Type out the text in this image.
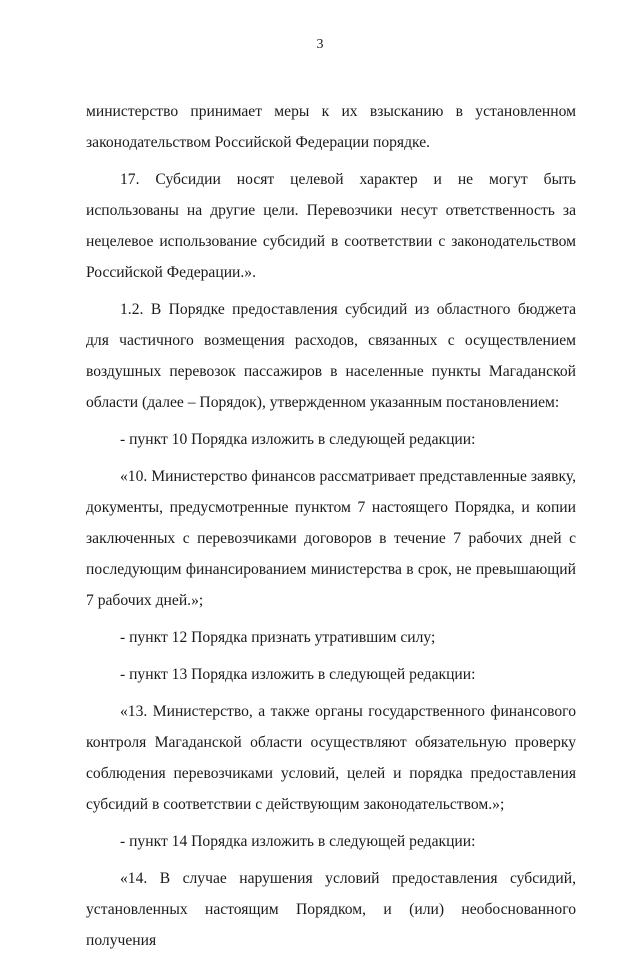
3

министерство принимает меры к их взысканию в установленном законодательством Российской Федерации порядке.

17. Субсидии носят целевой характер и не могут быть использованы на другие цели. Перевозчики несут ответственность за нецелевое использование субсидий в соответствии с законодательством Российской Федерации.».

1.2. В Порядке предоставления субсидий из областного бюджета для частичного возмещения расходов, связанных с осуществлением воздушных перевозок пассажиров в населенные пункты Магаданской области (далее – Порядок), утвержденном указанным постановлением:

- пункт 10 Порядка изложить в следующей редакции:

«10. Министерство финансов рассматривает представленные заявку, документы, предусмотренные пунктом 7 настоящего Порядка, и копии заключенных с перевозчиками договоров в течение 7 рабочих дней с последующим финансированием министерства в срок, не превышающий 7 рабочих дней.»;

- пункт 12 Порядка признать утратившим силу;

- пункт 13 Порядка изложить в следующей редакции:

«13. Министерство, а также органы государственного финансового контроля Магаданской области осуществляют обязательную проверку соблюдения перевозчиками условий, целей и порядка предоставления субсидий в соответствии с действующим законодательством.»;

- пункт 14 Порядка изложить в следующей редакции:

«14. В случае нарушения условий предоставления субсидий, установленных настоящим Порядком, и (или) необоснованного получения
